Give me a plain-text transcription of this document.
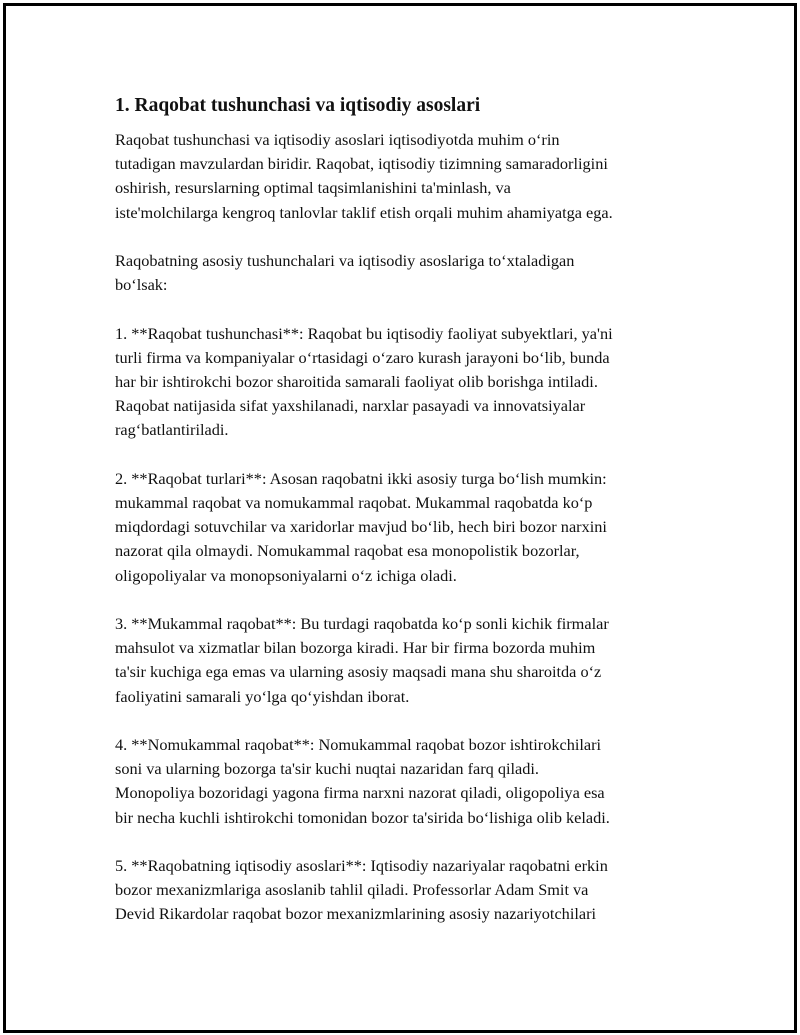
1. Raqobat tushunchasi va iqtisodiy asoslari

Raqobat tushunchasi va iqtisodiy asoslari iqtisodiyotda muhim o‘rin
tutadigan mavzulardan biridir. Raqobat, iqtisodiy tizimning samaradorligini
oshirish, resurslarning optimal taqsimlanishini ta'minlash, va
iste'molchilarga kengroq tanlovlar taklif etish orqali muhim ahamiyatga ega.

Raqobatning asosiy tushunchalari va iqtisodiy asoslariga to‘xtaladigan
bo‘lsak:

1. **Raqobat tushunchasi**: Raqobat bu iqtisodiy faoliyat subyektlari, ya'ni
turli firma va kompaniyalar o‘rtasidagi o‘zaro kurash jarayoni bo‘lib, bunda
har bir ishtirokchi bozor sharoitida samarali faoliyat olib borishga intiladi.
Raqobat natijasida sifat yaxshilanadi, narxlar pasayadi va innovatsiyalar
rag‘batlantiriladi.

2. **Raqobat turlari**: Asosan raqobatni ikki asosiy turga bo‘lish mumkin:
mukammal raqobat va nomukammal raqobat. Mukammal raqobatda ko‘p
miqdordagi sotuvchilar va xaridorlar mavjud bo‘lib, hech biri bozor narxini
nazorat qila olmaydi. Nomukammal raqobat esa monopolistik bozorlar,
oligopoliyalar va monopsoniyalarni o‘z ichiga oladi.

3. **Mukammal raqobat**: Bu turdagi raqobatda ko‘p sonli kichik firmalar
mahsulot va xizmatlar bilan bozorga kiradi. Har bir firma bozorda muhim
ta'sir kuchiga ega emas va ularning asosiy maqsadi mana shu sharoitda o‘z
faoliyatini samarali yo‘lga qo‘yishdan iborat.

4. **Nomukammal raqobat**: Nomukammal raqobat bozor ishtirokchilari
soni va ularning bozorga ta'sir kuchi nuqtai nazaridan farq qiladi.
Monopoliya bozoridagi yagona firma narxni nazorat qiladi, oligopoliya esa
bir necha kuchli ishtirokchi tomonidan bozor ta'sirida bo‘lishiga olib keladi.

5. **Raqobatning iqtisodiy asoslari**: Iqtisodiy nazariyalar raqobatni erkin
bozor mexanizmlariga asoslanib tahlil qiladi. Professorlar Adam Smit va
Devid Rikardolar raqobat bozor mexanizmlarining asosiy nazariyotchilari
